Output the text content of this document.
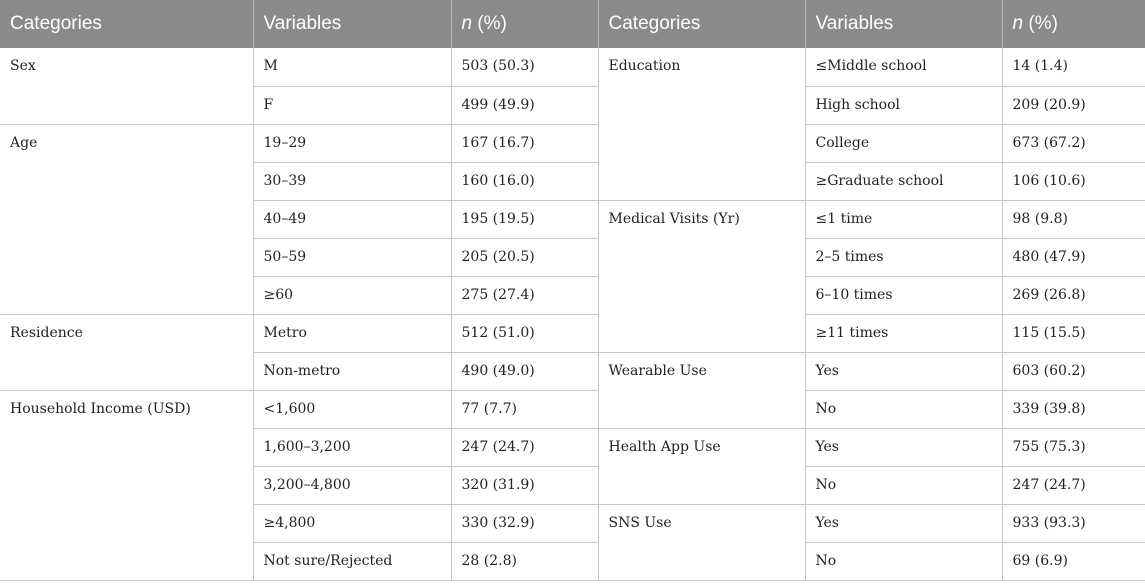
Categories	Variables	n (%)	Categories	Variables	n (%)
Sex	M	503 (50.3)	Education	≤Middle school	14 (1.4)
	F	499 (49.9)		High school	209 (20.9)
Age	19–29	167 (16.7)		College	673 (67.2)
	30–39	160 (16.0)		≥Graduate school	106 (10.6)
	40–49	195 (19.5)	Medical Visits (Yr)	≤1 time	98 (9.8)
	50–59	205 (20.5)		2–5 times	480 (47.9)
	≥60	275 (27.4)		6–10 times	269 (26.8)
Residence	Metro	512 (51.0)		≥11 times	115 (15.5)
	Non-metro	490 (49.0)	Wearable Use	Yes	603 (60.2)
Household Income (USD)	<1,600	77 (7.7)		No	339 (39.8)
	1,600–3,200	247 (24.7)	Health App Use	Yes	755 (75.3)
	3,200–4,800	320 (31.9)		No	247 (24.7)
	≥4,800	330 (32.9)	SNS Use	Yes	933 (93.3)
	Not sure/Rejected	28 (2.8)		No	69 (6.9)
